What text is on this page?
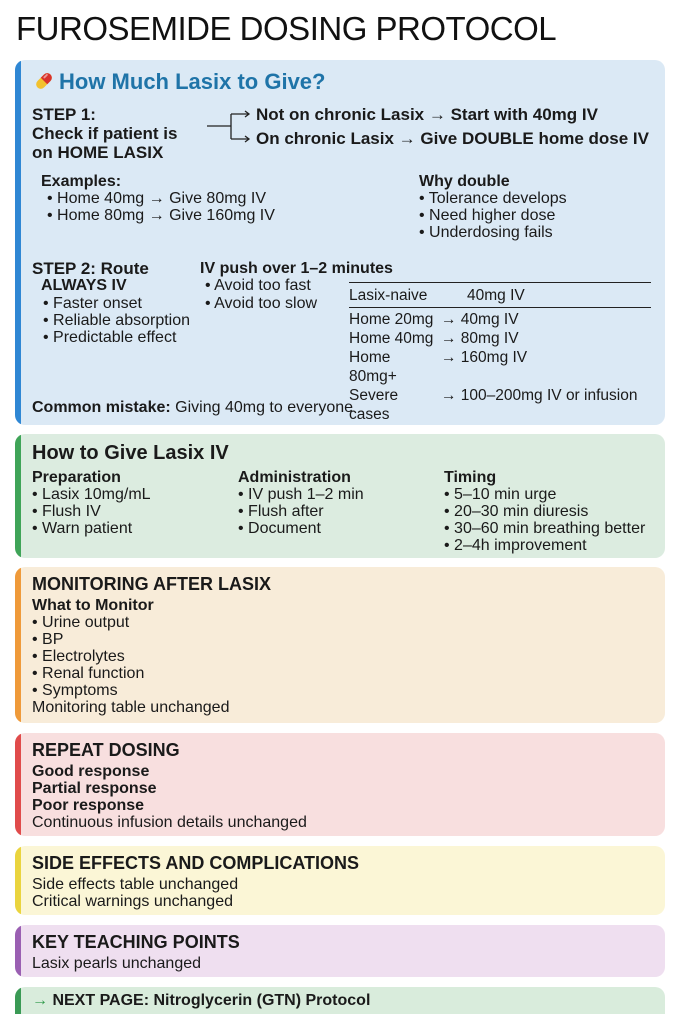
FUROSEMIDE DOSING PROTOCOL
How Much Lasix to Give?
STEP 1:
Check if patient is
on HOME LASIX
Not on chronic Lasix → Start with 40mg IV
On chronic Lasix → Give DOUBLE home dose IV
Examples:
• Home 40mg → Give 80mg IV
• Home 80mg → Give 160mg IV
Why double
• Tolerance develops
• Need higher dose
• Underdosing fails
STEP 2: Route
ALWAYS IV
• Faster onset
• Reliable absorption
• Predictable effect
IV push over 1–2 minutes
• Avoid too fast
• Avoid too slow Lasix-naive	40mg IV
Home 20mg → 40mg IV
Home 40mg → 80mg IV
Home 80mg+
→ 160mg IV
Severe cases
→ 100–200mg IV or infusion
Common mistake: Giving 40mg to everyone
How to Give Lasix IV
Preparation
• Lasix 10mg/mL
• Flush IV
• Warn patient
Administration
• IV push 1–2 min
• Flush after
• Document
Timing
• 5–10 min urge
• 20–30 min diuresis
• 30–60 min breathing better
• 2–4h improvement
MONITORING AFTER LASIX
What to Monitor
• Urine output
• BP
• Electrolytes
• Renal function
• Symptoms
Monitoring table unchanged
REPEAT DOSING
Good response
Partial response
Poor response
Continuous infusion details unchanged
SIDE EFFECTS AND COMPLICATIONS
Side effects table unchanged
Critical warnings unchanged
KEY TEACHING POINTS
Lasix pearls unchanged
→ NEXT PAGE: Nitroglycerin (GTN) Protocol
